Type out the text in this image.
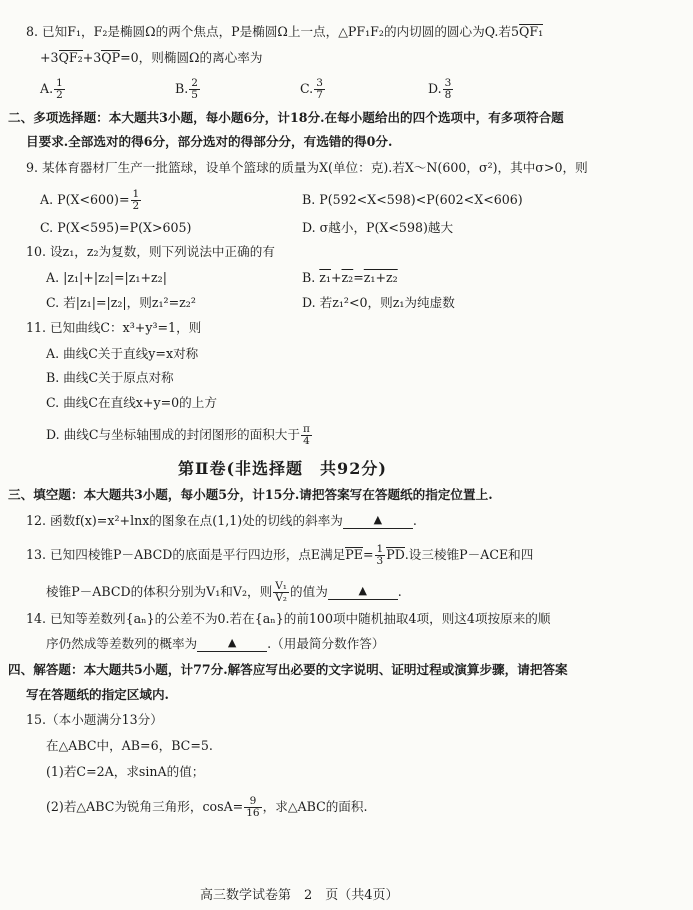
8. 已知F₁，F₂是椭圆Ω的两个焦点，P是椭圆Ω上一点，△PF₁F₂的内切圆的圆心为Q.若5QF₁
+3QF₂+3QP=0，则椭圆Ω的离心率为
A. $\frac{1}{2}$	B. $\frac{2}{5}$	C. $\frac{3}{7}$	D. $\frac{3}{8}$
二、多项选择题：本大题共3小题，每小题6分，计18分.在每小题给出的四个选项中，有多项符合题
目要求.全部选对的得6分，部分选对的得部分分，有选错的得0分.
9. 某体育器材厂生产一批篮球，设单个篮球的质量为X(单位：克).若X～N(600，σ²)，其中σ>0，则
A. $P(X<600)= \frac{1}{2}$	B. P(592<X<598)<P(602<X<606)
C. P(X<595)=P(X>605)	D. σ越小，P(X<598)越大
10. 设z₁，z₂为复数，则下列说法中正确的有
A. |z₁|+|z₂|=|z₁+z₂|	B. z₁+z₂=z₁+z₂
C. 若|z₁|=|z₂|，则z₁²=z₂²	D. 若z₁²<0，则z₁为纯虚数
11. 已知曲线C：x³+y³=1，则
A. 曲线C关于直线y=x对称
B. 曲线C关于原点对称
C. 曲线C在直线x+y=0的上方
D. 曲线C与坐标轴围成的封闭图形的面积大于 $\frac{\pi}{4}$
第Ⅱ卷(非选择题　共92分)
三、填空题：本大题共3小题，每小题5分，计15分.请把答案写在答题纸的指定位置上.
12. 函数f(x)=x²+lnx的图象在点(1,1)处的切线的斜率为	▲ .
13. 已知四棱锥P－ABCD的底面是平行四边形，点E满足$PE= \frac{1}{3}$ PD.设三棱锥P－ACE和四
棱锥P－ABCD的体积分别为V₁和V₂，则 $\frac{\text{V₁}}{\text{V₂}}$ 的值为	▲ .
14. 已知等差数列{aₙ}的公差不为0.若在{aₙ}的前100项中随机抽取4项，则这4项按原来的顺
序仍然成等差数列的概率为	▲ .（用最简分数作答）
四、解答题：本大题共5小题，计77分.解答应写出必要的文字说明、证明过程或演算步骤，请把答案
写在答题纸的指定区域内.
15.（本小题满分13分）
在△ABC中，AB=6，BC=5.
(1)若C=2A，求sinA的值；
(2)若△ABC为锐角三角形，$\cos A= \frac{9}{16}$ ，求△ABC的面积.
高三数学试卷第　2　页（共4页）
